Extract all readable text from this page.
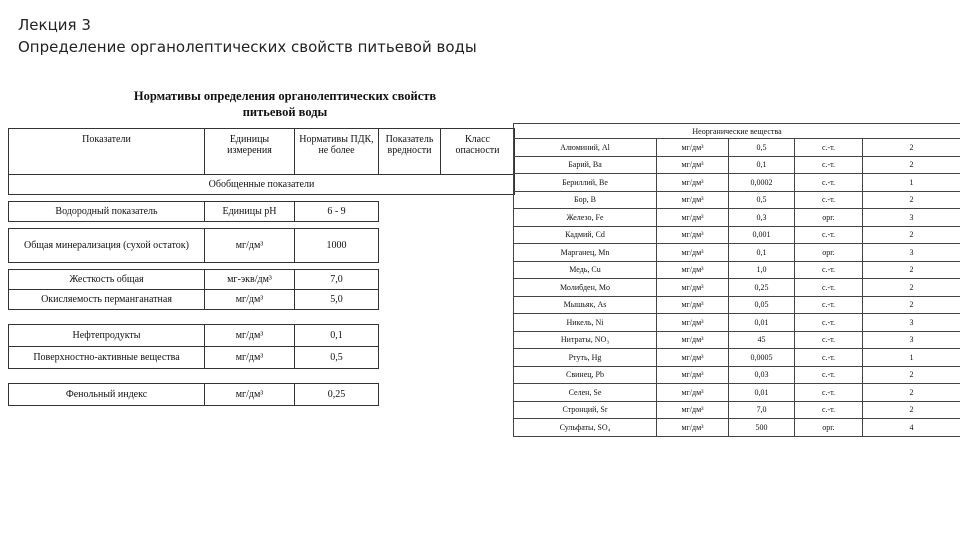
Лекция 3
Определение органолептических свойств питьевой воды
Нормативы определения органолептических свойств
питьевой воды
Показатели	Единицы измерения	Нормативы ПДК, не более	Показатель вредности	Класс опасности
Обобщенные показатели				

Водородный показатель	Единицы рН	6 - 9		

Общая минерализация (сухой остаток)	мг/дм³	1000		

Жесткость общая	мг-экв/дм³	7,0		
Окисляемость перманганатная	мг/дм³	5,0		

Нефтепродукты	мг/дм³	0,1		
Поверхностно-активные вещества	мг/дм³	0,5		

Фенольный индекс	мг/дм³	0,25		
Неорганические вещества				
Алюминий, Al	мг/дм³	0,5	с.-т.	2
Барий, Ba	мг/дм³	0,1	с.-т.	2
Бериллий, Be	мг/дм³	0,0002	с.-т.	1
Бор, B	мг/дм³	0,5	с.-т.	2
Железо, Fe	мг/дм³	0,3	орг.	3
Кадмий, Cd	мг/дм³	0,001	с.-т.	2
Марганец, Mn	мг/дм³	0,1	орг.	3
Медь, Cu	мг/дм³	1,0	с.-т.	2
Молибден, Mo	мг/дм³	0,25	с.-т.	2
Мышьяк, As	мг/дм³	0,05	с.-т.	2
Никель, Ni	мг/дм³	0,01	с.-т.	3
Нитраты, NO₃	мг/дм³	45	с.-т.	3
Ртуть, Hg	мг/дм³	0,0005	с.-т.	1
Свинец, Pb	мг/дм³	0,03	с.-т.	2
Селен, Se	мг/дм³	0,01	с.-т.	2
Стронций, Sr	мг/дм³	7,0	с.-т.	2
Сульфаты, SO₄	мг/дм³	500	орг.	4
